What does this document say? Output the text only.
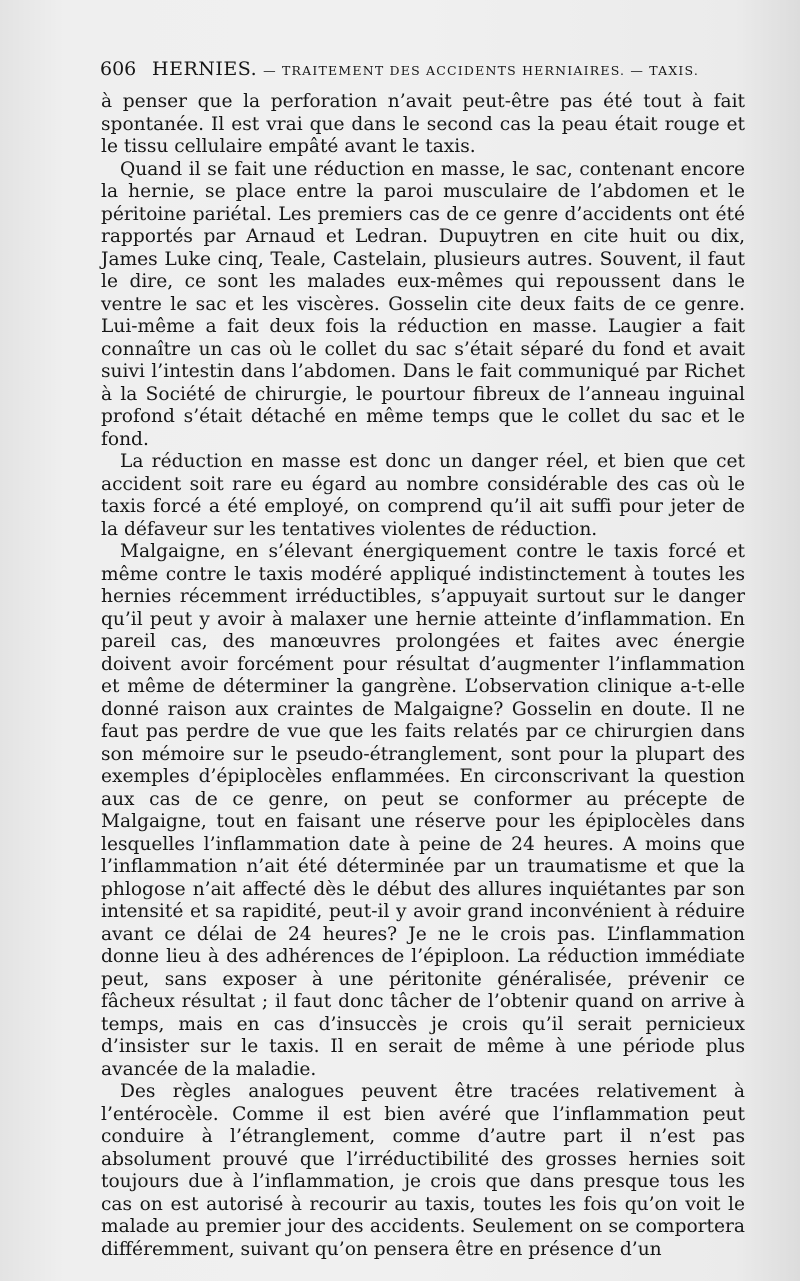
606 HERNIES. — TRAITEMENT DES ACCIDENTS HERNIAIRES. — TAXIS.

à penser que la perforation n’avait peut-être pas été tout à fait spontanée. Il est vrai que dans le second cas la peau était rouge et le tissu cellulaire empâté avant le taxis.

Quand il se fait une réduction en masse, le sac, contenant encore la hernie, se place entre la paroi musculaire de l’abdomen et le péritoine pariétal. Les premiers cas de ce genre d’accidents ont été rapportés par Arnaud et Ledran. Dupuytren en cite huit ou dix, James Luke cinq, Teale, Castelain, plusieurs autres. Souvent, il faut le dire, ce sont les malades eux-mêmes qui repoussent dans le ventre le sac et les viscères. Gosselin cite deux faits de ce genre. Lui-même a fait deux fois la réduction en masse. Laugier a fait connaître un cas où le collet du sac s’était séparé du fond et avait suivi l’intestin dans l’abdomen. Dans le fait communiqué par Richet à la Société de chirurgie, le pourtour fibreux de l’anneau inguinal profond s’était détaché en même temps que le collet du sac et le fond.

La réduction en masse est donc un danger réel, et bien que cet accident soit rare eu égard au nombre considérable des cas où le taxis forcé a été employé, on comprend qu’il ait suffi pour jeter de la défaveur sur les tentatives violentes de réduction.

Malgaigne, en s’élevant énergiquement contre le taxis forcé et même contre le taxis modéré appliqué indistinctement à toutes les hernies récemment irréductibles, s’appuyait surtout sur le danger qu’il peut y avoir à malaxer une hernie atteinte d’inflammation. En pareil cas, des manœuvres prolongées et faites avec énergie doivent avoir forcément pour résultat d’augmenter l’inflammation et même de déterminer la gangrène. L’observation clinique a-t-elle donné raison aux craintes de Malgaigne? Gosselin en doute. Il ne faut pas perdre de vue que les faits relatés par ce chirurgien dans son mémoire sur le pseudo-étranglement, sont pour la plupart des exemples d’épiplocèles enflammées. En circonscrivant la question aux cas de ce genre, on peut se conformer au précepte de Malgaigne, tout en faisant une réserve pour les épiplocèles dans lesquelles l’inflammation date à peine de 24 heures. A moins que l’inflammation n’ait été déterminée par un traumatisme et que la phlogose n’ait affecté dès le début des allures inquiétantes par son intensité et sa rapidité, peut-il y avoir grand inconvénient à réduire avant ce délai de 24 heures? Je ne le crois pas. L’inflammation donne lieu à des adhérences de l’épiploon. La réduction immédiate peut, sans exposer à une péritonite généralisée, prévenir ce fâcheux résultat ; il faut donc tâcher de l’obtenir quand on arrive à temps, mais en cas d’insuccès je crois qu’il serait pernicieux d’insister sur le taxis. Il en serait de même à une période plus avancée de la maladie.

Des règles analogues peuvent être tracées relativement à l’entérocèle. Comme il est bien avéré que l’inflammation peut conduire à l’étranglement, comme d’autre part il n’est pas absolument prouvé que l’irréductibilité des grosses hernies soit toujours due à l’inflammation, je crois que dans presque tous les cas on est autorisé à recourir au taxis, toutes les fois qu’on voit le malade au premier jour des accidents. Seulement on se comportera différemment, suivant qu’on pensera être en présence d’un
